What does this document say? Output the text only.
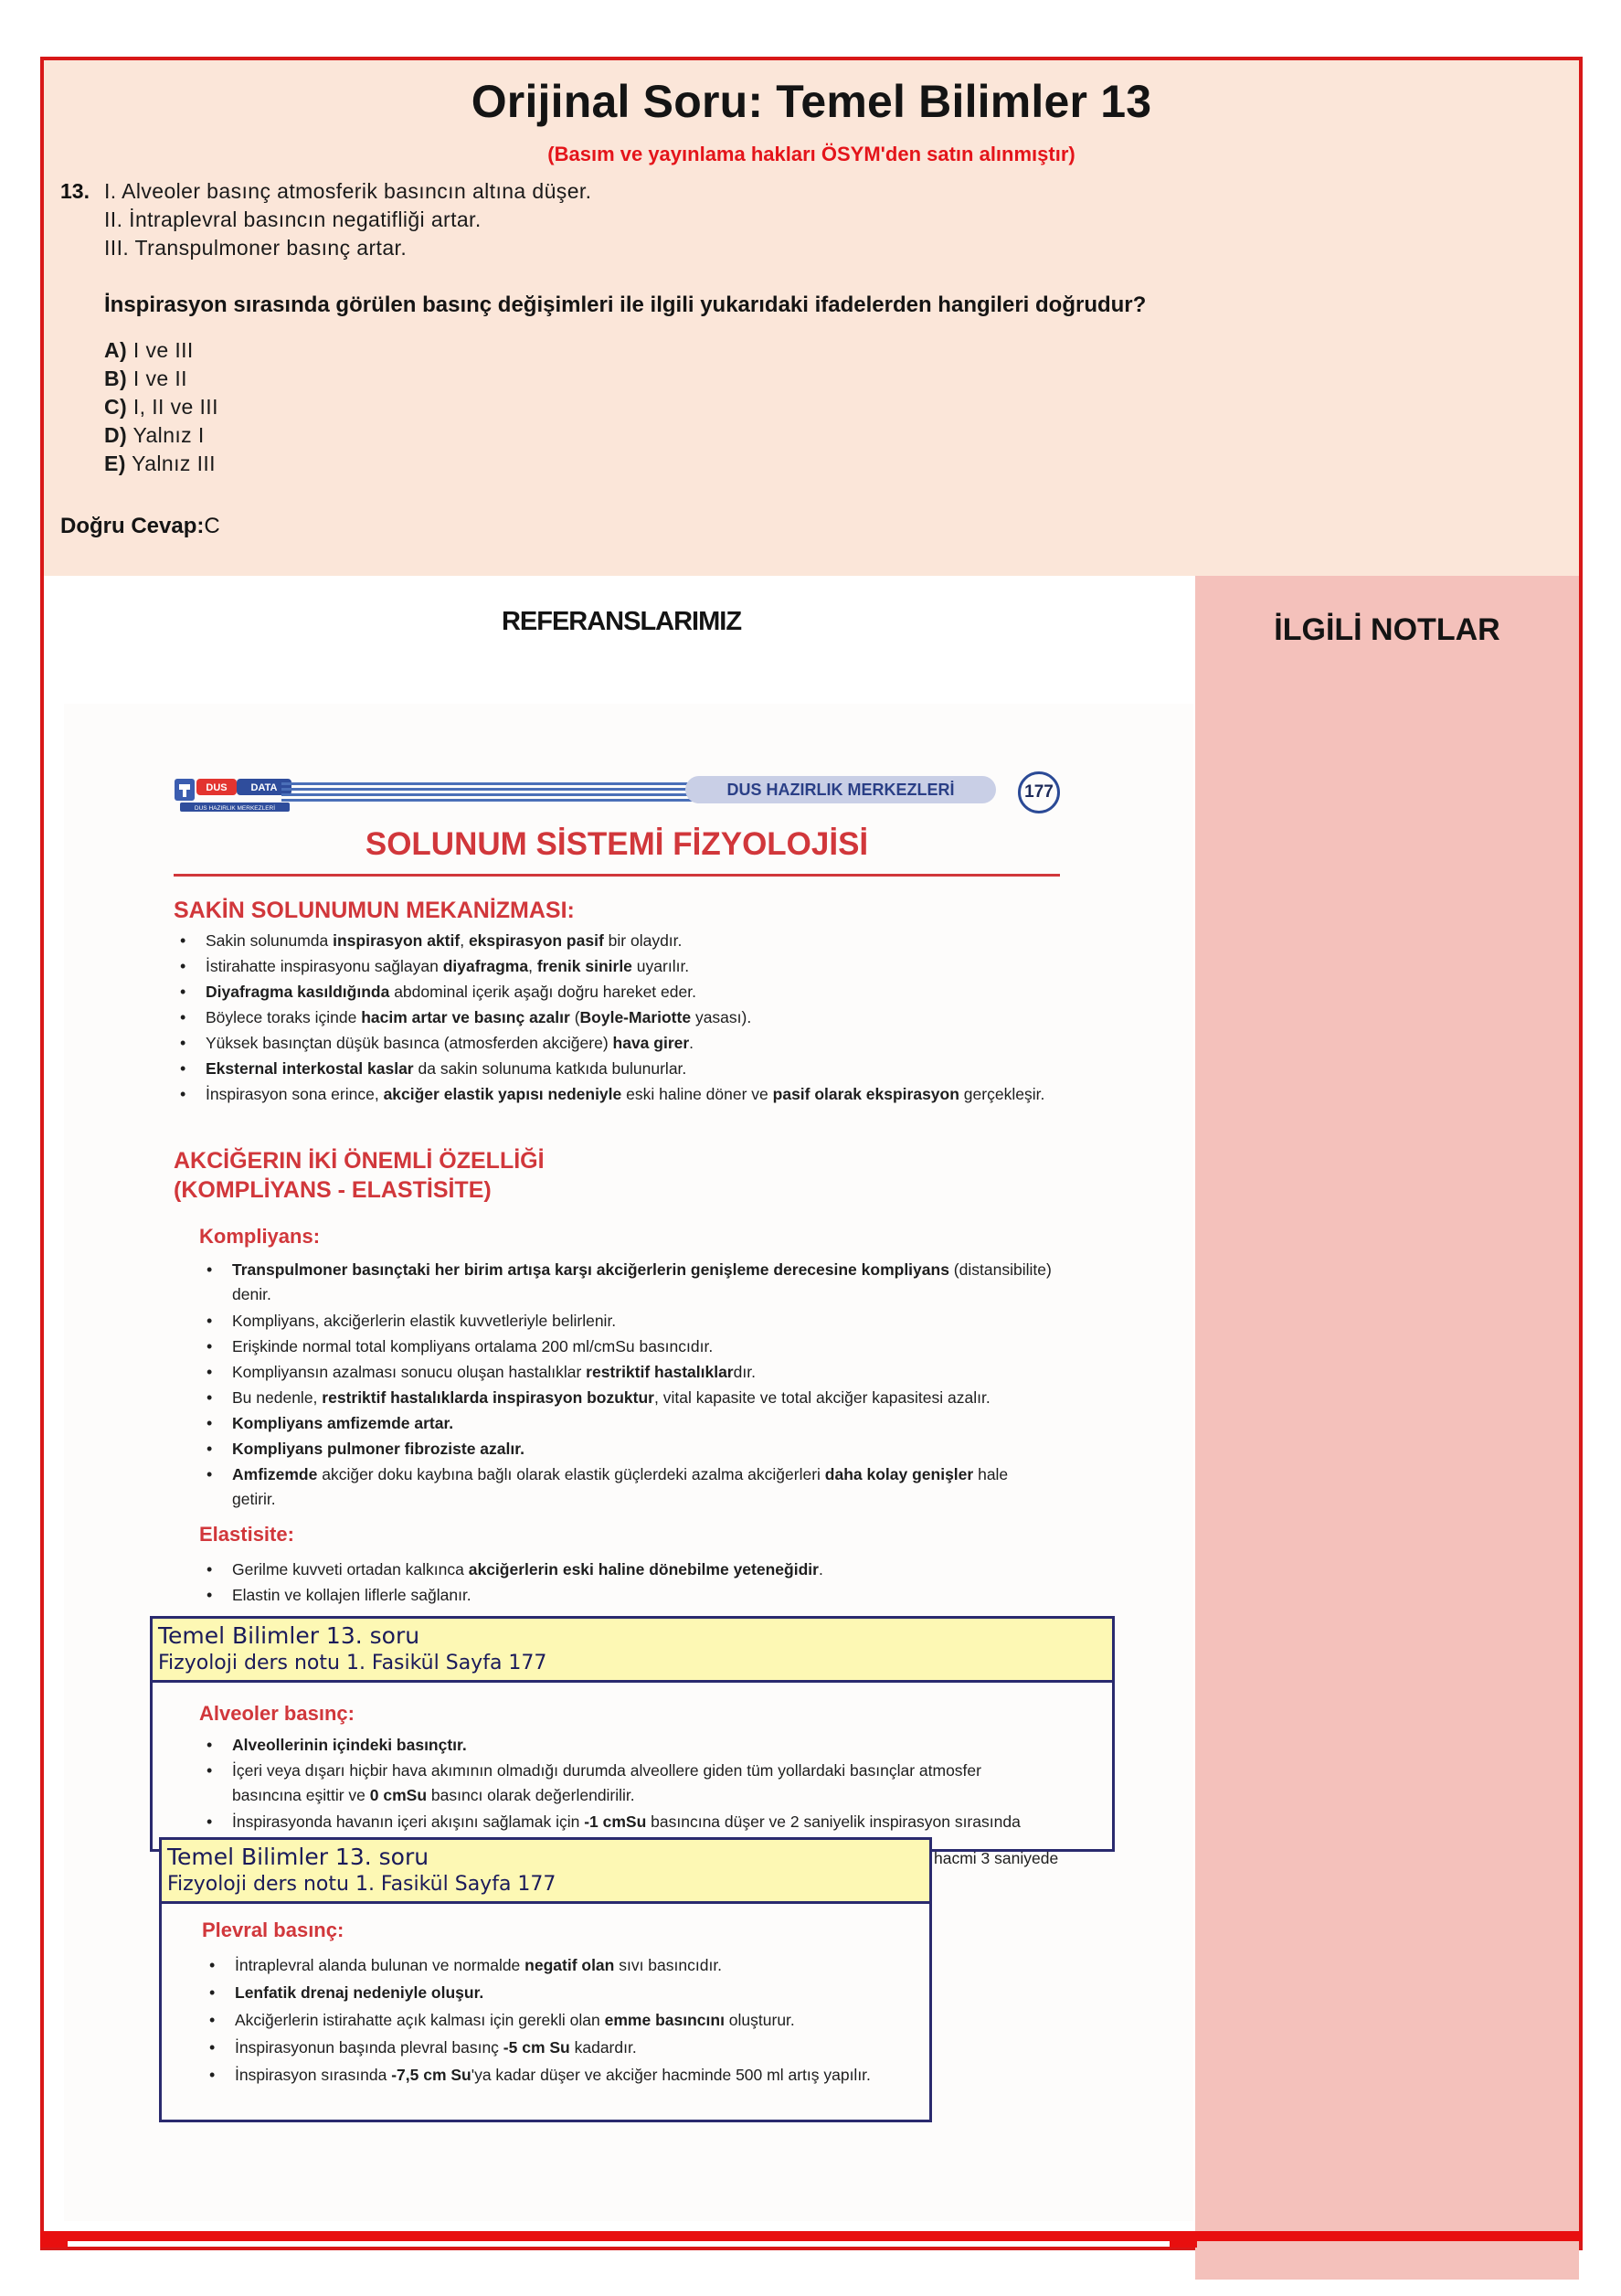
Orijinal Soru: Temel Bilimler 13
(Basım ve yayınlama hakları ÖSYM'den satın alınmıştır)
13. I. Alveoler basınç atmosferik basıncın altına düşer.
II. İntraplevral basıncın negatifliği artar.
III. Transpulmoner basınç artar.
İnspirasyon sırasında görülen basınç değişimleri ile ilgili yukarıdaki ifadelerden hangileri doğrudur?
A) I ve III
B) I ve II
C) I, II ve III
D) Yalnız I
E) Yalnız III
Doğru Cevap:C
REFERANSLARIMIZ	İLGİLİ NOTLAR
DUS DATA
DUS HAZIRLIK MERKEZLERİ
DUS HAZIRLIK MERKEZLERİ	177
SOLUNUM SİSTEMİ FİZYOLOJİSİ
SAKİN SOLUNUMUN MEKANİZMASI:
• Sakin solunumda inspirasyon aktif, ekspirasyon pasif bir olaydır.
• İstirahatte inspirasyonu sağlayan diyafragma, frenik sinirle uyarılır.
• Diyafragma kasıldığında abdominal içerik aşağı doğru hareket eder.
• Böylece toraks içinde hacim artar ve basınç azalır (Boyle-Mariotte yasası).
• Yüksek basınçtan düşük basınca (atmosferden akciğere) hava girer.
• Eksternal interkostal kaslar da sakin solunuma katkıda bulunurlar.
• İnspirasyon sona erince, akciğer elastik yapısı nedeniyle eski haline döner ve pasif olarak ekspirasyon gerçekleşir.
AKCİĞERIN İKİ ÖNEMLİ ÖZELLİĞİ
(KOMPLİYANS - ELASTİSİTE)
Kompliyans:
• Transpulmoner basınçtaki her birim artışa karşı akciğerlerin genişleme derecesine kompliyans (distansibilite) denir.
• Kompliyans, akciğerlerin elastik kuvvetleriyle belirlenir.
• Erişkinde normal total kompliyans ortalama 200 ml/cmSu basıncıdır.
• Kompliyansın azalması sonucu oluşan hastalıklar restriktif hastalıklardır.
• Bu nedenle, restriktif hastalıklarda inspirasyon bozuktur, vital kapasite ve total akciğer kapasitesi azalır.
• Kompliyans amfizemde artar.
• Kompliyans pulmoner fibroziste azalır.
• Amfizemde akciğer doku kaybına bağlı olarak elastik güçlerdeki azalma akciğerleri daha kolay genişler hale getirir.
Elastisite:
• Gerilme kuvveti ortadan kalkınca akciğerlerin eski haline dönebilme yeteneğidir.
• Elastin ve kollajen liflerle sağlanır.
Alveoler basınç:
• Alveollerinin içindeki basınçtır.
• İçeri veya dışarı hiçbir hava akımının olmadığı durumda alveollere giden tüm yollardaki basınçlar atmosfer basıncına eşittir ve 0 cmSu basıncı olarak değerlendirilir.
• İnspirasyonda havanın içeri akışını sağlamak için -1 cmSu basıncına düşer ve 2 saniyelik inspirasyon sırasında
• hacmi 3 saniyede
Temel Bilimler 13. soru
Fizyoloji ders notu 1. Fasikül Sayfa 177
Temel Bilimler 13. soru
Fizyoloji ders notu 1. Fasikül Sayfa 177
Plevral basınç:
• İntraplevral alanda bulunan ve normalde negatif olan sıvı basıncıdır.
• Lenfatik drenaj nedeniyle oluşur.
• Akciğerlerin istirahatte açık kalması için gerekli olan emme basıncını oluşturur.
• İnspirasyonun başında plevral basınç -5 cm Su kadardır.
• İnspirasyon sırasında -7,5 cm Su'ya kadar düşer ve akciğer hacminde 500 ml artış yapılır.
